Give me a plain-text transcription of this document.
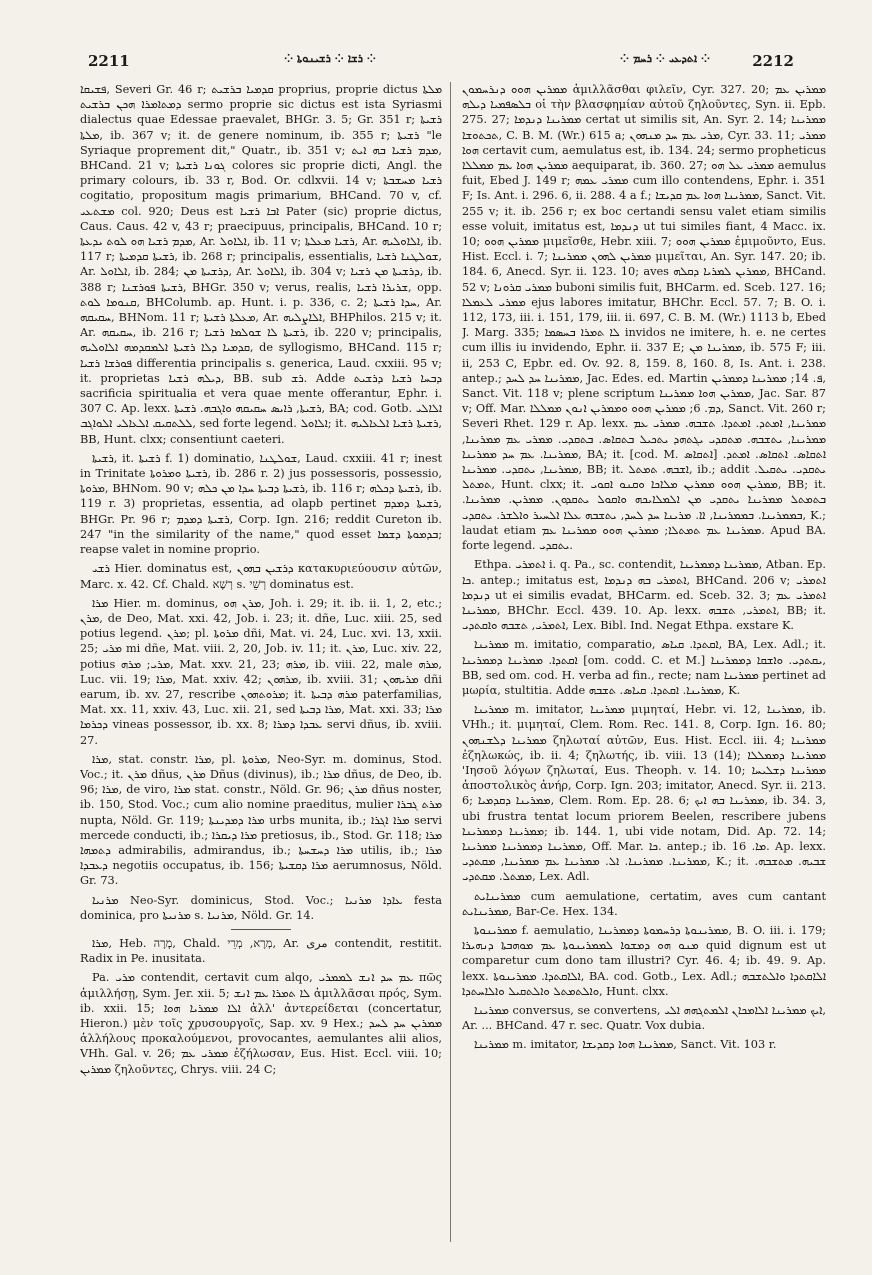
2211	⁘ ܪܫܐ ⁘ ܪܫܝܢܘܬܐ ⁘	⁘ ܐܬܕܥܝ ⁘ ܪܚܡ ⁘	2212

ܦܫܝܩܐ, Severi Gr. 46 r; ܩܕܡܝܐ ܒܪܫܝܬ proprius, proprie dictus ܡܠܬܐ ܕܡܬܐܡܪܐ ܗܟܢ ܒܪܫܝܬ sermo proprie sic dictus est ista Syriasmi dialectus quae Edessae praevalet, BHGr. 3. 5; Gr. 351 r; ܪܫܝܬܐ ܡܠܬܐ, ib. 367 v; it. de genere nominum, ib. 355 r; ܪܫܝܬܐ "le Syriaque proprement dit," Quatr., ib. 351 v; ܡܕܡ ܪܫܝܐ ܒܗ ܐܝܬ, BHCand. 21 v; ܓܘܢܐ ܪܫܝܬܐ colores sic proprie dicti, Angl. the primary colours, ib. 33 r, Bod. Or. cdlxvii. 14 v; ܪܫܝܐ ܡܚܫܒܬܐ cogitatio, propositum magis primarium, BHCand. 70 v, cf. ܡܫܬܥܝ col. 920; Deus est ܐܒܐ ܪܫܝܐ Pater (sic) proprie dictus, Caus. Caus. 42 v, 43 r; praecipuus, principalis, BHCand. 10 r; ܡܕܡ ܪܫܝܐ ܗܘ ܠܘܬ ܝܕܥܬܐ, Ar. ܐܠܐܘܠ, ib. 11 v; ܪܫܝܐ ܡܥܠܬܐ, Ar. ܐܠܐܘܠܝܗ, ib. 117 r; ܪܫܝܬܐ ܩܕܡܝܬܐ, ib. 268 r; principalis, essentialis, ܫܘܠܛܢܐ ܪܫܝܐ, Ar. ܐܠܐܘܠ, ib. 284; ܕܪܫܝܬܐ ܡܢ, Ar. ܐܠܐܘܠ, ib. 304 v; ܕܪܫܝܬܐ ܡܢ ܪܫܝܐ, ib. 388 r; ܪܫܝܬܐ ܦܘܪܫܢܐ, BHGr. 350 v; verus, realis, ܫܪܝܪܐ ܪܫܝܐ, opp. ܩܢܘܡܐ ܠܘܬ, BHColumb. ap. Hunt. i. p. 336, c. 2; ܚܕܐ ܪܫܝܬܐ, Ar. ܚܩܝܩܗ, BHNom. 11 r; ܡܥܠܬܐ ܪܫܝܬܐ, Ar. ܐܠܐܨܠܝܗ, BHPhilos. 215 v; it. Ar. ܚܩܝܩܗ, ib. 216 r; ܪܫܝܬܐ ܠܐ ܫܘܠܡܐ ܪܫܝܐ, ib. 220 v; principalis, ܩܕܡܝܐ ܕܠܐ ܪܫܝܬܐ ܐܠܡܩܕܡܗ ܐܠܐܘܠܝܗ, de syllogismo, BHCand. 115 r; ܦܘܪܫܐ ܪܫܝܐ differentia principalis s. generica, Laud. cxxiii. 95 v; it. proprietas ܕܝܠܗ ܪܫܝܐ, BB. sub ܪܫ. Adde ܕܒܚܐ ܪܫܝܐ ܕܪܫܝܬ sacrificia spiritualia et vera quae mente offerantur, Ephr. i. 307 C. Ap. lexx. ܪܫܝܬܐ, ܪܐܝܣ ܚܩܝܩܗ ܘܐܓܒܗ. ܪܫܝܬܐ, BA; cod. Gotb. ܐܠܐܠܝ ܠܠܬܩܝܩ ܐܠܥܐܠܝ ܐܠܘܐܓܒ, sed forte legend. ܐܠܐܘܠ; it. ܪܫܝܬܐ ܪܫܝܐ ܐܠܥܐܠܝܗ, BB, Hunt. clxx; consentiunt caeteri.

ܪܫܝܬܐ, it. ܪܫܝܬܐ f. 1) dominatio, ܫܘܠܛܢܐ, Laud. cxxiii. 41 r; inest in Trinitate ܪܫܝܬܐ ܘܡܪܘܬܐ, ib. 286 r. 2) jus possessoris, possessio, ܡܪܘܬܐ, BHNom. 90 v; ܪܫܝܬܐ ܕܒܝܬܐ ܚܕܐ ܡܢ ܟܠܗ, ib. 116 r; ܪܫܝܬܐ ܕܟܠܗ, ib. 119 r. 3) proprietas, essentia, ad olapb pertinet ܪܫܝܬܐ ܕܡܕܡ, BHGr. Pr. 96 r; ܪܫܝܬܐ ܕܡܕܡ, Corp. Ign. 216; reddit Cureton ib. 247 "in the similarity of the name," quod esset ܒܕܡܘܬܐ ܕܫܡܐ; reapse valet in nomine proprio.

ܪܫܝ Hier. dominatus est, ܕܪܫܝܢ ܒܗܘܢ κατακυριεύουσιν αὐτῶν, Marc. x. 42. Cf. Chald. רְשָׁא s. רְשֵׁי dominatus est.

ܡܪܐ Hier. m. dominus, ܡܪܢ ܗܘ, Joh. i. 29; it. ib. ii. 1, 2, etc.; ܡܪܢ, de Deo, Mat. xxi. 42, Job. i. 23; it. dñe, Luc. xiii. 25, sed potius legend. ܡܪܢ; pl. ܡܪܘܬܐ dñi, Mat. vi. 24, Luc. xvi. 13, xxii. 25; ܡܪܝ mi dñe, Mat. viii. 2, 20, Job. iv. 11; it. ܡܪܢ, Luc. xiv. 22, potius ܡܪܝ; ܡܪܗ, Mat. xxv. 21, 23; ܡܪܗ, ib. viii. 22, male ܡܪܗ, Luc. vii. 19; ܡܪܐ, Mat. xxiv. 42; ܡܪܗܘܢ, ib. xviii. 31; ܡܪܝܗܘܢ dñi earum, ib. xv. 27, rescribe ܡܪܘܬܗܘܢ; it. ܡܪܗ ܕܒܝܬܐ paterfamilias, Mat. xx. 11, xxiv. 43, Luc. xii. 21, sed ܡܪܐ ܕܒܝܬܐ, Mat. xxi. 33; ܡܪܐ ܕܟܪܡܐ vineas possessor, ib. xx. 8; ܥܒܕܐ ܕܡܪܐ servi dñus, ib. xviii. 27.

ܡܪܐ, stat. constr. ܡܪܐ, pl. ܡܪܘܬܐ, Neo-Syr. m. dominus, Stod. Voc.; it. ܡܪܢ dñus, ܡܪܢ Dñus (divinus), ib.; ܡܪܐ dñus, de Deo, ib. 96; ܡܪܐ, de viro, ܡܪܐ stat. constr., Nöld. Gr. 96; ܡܪܢ dñus noster, ib. 150, Stod. Voc.; cum alio nomine praeditus, mulier ܡܪܬ ܓܒܪܐ nupta, Nöld. Gr. 119; ܡܪܐ ܕܡܕܝܢܬܐ urbs munita, ib.; ܡܪܐ ܐܓܪܐ servi mercede conducti, ib.; ܡܪܐ ܕܝܩܪܐ pretiosus, ib., Stod. Gr. 118; ܡܪܐ ܕܬܡܗܐ admirabilis, admirandus, ib.; ܡܪܐ ܕܚܫܚܬܐ utilis, ib.; ܡܪܐ ܕܥܒܕܐ negotiis occupatus, ib. 156; ܡܪܐ ܕܩܫܝܬܐ aerumnosus, Nöld. Gr. 73.

ܡܪܢܝܐ Neo-Syr. dominicus, Stod. Voc.; ܥܐܕܐ ܡܪܢܝܐ festa dominica, pro ܡܪܢܝܬܐ s. ܡܪܢܝܐ, Nöld. Gr. 14.

ܡܪܐ, Heb. מָרָה, Chald. מְרָא, מְרֵי, Ar. مرى contendit, restitit. Radix in Pe. inusitata.

Pa. ܡܪܝ contendit, certavit cum alqo, ܥܡ ܚܕ ܐܢܫ ܠܡܡܪܝ πῶς ἁμιλλήσῃ, Sym. Jer. xii. 5; ܠܐ ܬܡܪܐ ܥܡ ܐܢܫ ἁμιλλᾶσαι πρός, Sym. ib. xxii. 15; ܐܠܐ ܡܡܪܝܐ ܗܘܐ ἀλλ' ἀντερείδεται (concertatur, Hieron.) μὲν τοῖς χρυσουργοῖς, Sap. xv. 9 Hex.; ܡܡܪܝܢ ܚܕ ܠܚܕ ἀλλήλους προκαλούμενοι, provocantes, aemulantes alii alios, VHh. Gal. v. 26; ܡܡܪܝ ܥܡ ἐζήλωσαν, Eus. Hist. Eccl. viii. 10; ܡܡܪܝܢ ζηλοῦντες, Chrys. viii. 24 C;

ܡܡܪܝܢ ܗܘܘ ܕܢܪܚܡܘܢ ἁμιλλᾶσθαι φιλεῖν, Cyr. 327. 20; ܡܡܪܝܢ ܥܡ ܒܠܣܦܡܝܐ ܕܝܠܗ οἱ τὴν βλασφημίαν αὐτοῦ ζηλοῦντες, Syn. ii. Epb. 275. 27; ܡܡܪܝܢܐ ܕܢܕܡܐ certat ut similis sit, An. Syr. 2. 14; ܡܡܪܝܢܐ ܬܟܬܘܫܐ, C. B. M. (Wr.) 615 a; ܡܪܝ ܥܡ ܚܕ ܡܢܗܘܢ, Cyr. 33. 11; ܡܡܪܝ ܗܘܐ certavit cum, aemulatus est, ib. 134. 24; sermo propheticus ܡܡܪܝܢ ܗܘܐ ܥܡ ܡܡܠܠܐ aequiparat, ib. 360. 27; ܡܡܪܝ ܥܠ ܗܘ aemulus fuit, Ebed J. 149 r; ܡܡܪܝ ܥܡܗ cum illo contendens, Ephr. i. 351 F; Is. Ant. i. 296. 6, ii. 288. 4 a f.; ܡܡܪܝܢܐ ܗܘܐ ܥܡ ܩܕܝܫܐ, Sanct. Vit. 255 v; it. ib. 256 r; ex boc certandi sensu valet etiam similis esse voluit, imitatus est, ܕܢܕܡܐ ut tui similes fiant, 4 Macc. ix. 10; ܡܡܪܝܢ ܗܘܘ μιμεῖσθε, Hebr. xiii. 7; ܡܡܪܝܢ ܗܘܘ ἐμιμοῦντο, Eus. Hist. Eccl. i. 7; ܡܡܪܝܢ ܠܗܘܢ ܡܡܪܝܢܐ μιμεῖται, An. Syr. 147. 20; ib. 184. 6, Anecd. Syr. ii. 123. 10; aves ܡܡܪܝܢ ܠܡܪܝܐ ܕܩܠܗ, BHCand. 52 v; ܡܡܪܝ ܩܪܘܢܐ buboni similis fuit, BHCarm. ed. Sceb. 127. 16; ܡܡܪܝ ܠܥܡܠܐ ejus labores imitatur, BHChr. Eccl. 57. 7; B. O. i. 112, 173, iii. i. 151, 179, iii. ii. 697, C. B. M. (Wr.) 1113 b, Ebed J. Marg. 335; ܠܐ ܬܡܪܐ ܒܚܣܡܐ invidos ne imitere, h. e. ne certes cum illis iu invidendo, Ephr. ii. 337 E; ܡܡܪܝܢܐ ܡܢ, ib. 575 F; iii. ii, 253 C, Epbr. ed. Ov. 92. 8, 159. 8, 160. 8, Is. Ant. i. 238. antep.; ܡܡܪܝܢܐ ܚܕ ܠܚܕ, Jac. Edes. ed. Martin ܦ. 14; ܡܡܪܝܢܐ ܕܡܡܪܝܢ, Sanct. Vit. 118 v; plene scriptum ܡܡܪܝܢ ܗܘܐ ܡܡܪܝܢܐ, Jac. Sar. 87 v; Off. Mar. ܕܡ. 6; ܡܡܪܝܢ ܗܘܘ ܘܡܡܪܝܢ ܐܢܘܢ ܡܡܠܠܐ, Sanct. Vit. 260 r; Severi Rhet. 129 r. Ap. lexx. ܡܡܪܝܢܐ, ܐܡܬܕ. ܐܡܬܕܐ. ܬܫܒܗ. ܡܡܪܝ ܥܡ ܡܡܪܝܢܐ, ܝܬܫܒܗ. ܡܬܩܕܝ ܝܓܬܗܕ ܝܬܟܝܠ ܒܬܩܐܣ. ܒܬܩܕܝ. ܡܡܪܝ ܥܡ ܡܡܪܝܢܐ, ܡܡܪܝܢܐ. ܥܡ ܚܕ ܡܡܪܝܢܐ, BA; it. [cod. M. ܐܬܩܐܣ] ܐܬܩܐܣ. ܐܬܩܐܣ. ܐܡܬܕ. ܡܡܪܝܢܐ, ܝܬܩܕܝ. ܡܡܪܝܢܐ, BB; it. ܐܫܒܗ. ܬܡܬܠ, ib.; addit ܝܬܩܕܝ. ܝܬܩܝܠ. ܬܡܬܠ, Hunt. clxx; it. ܡܡܪܝܢ ܗܘܘ ܡܡܪܝܢ ܡܠܐܟܐ ܘܩܢܘ ܐܩܘܝ, BB; it. ܒܬܡܬܠ ܡܡܪܝܢܐ ܝܬܩܕܝ ܡܢ ܐܠܡܠܐܝܟܗ ܘܐܩܘܠ ܝܬܩܕܘܢ. ܡܡܪܝܢ. ܡܡܪܝܢܐ. ܒܡܡܪܝܢܐ. ܒܡܡܪܝܢܐ, ܐܐ. ܡܪܝܢܐ ܚܕ ܠܚܕ, ܝܬܫܒܗ ܥܠܐ ܐܠܚܝܪ ܘܐܠܫܪ. ܝܬܩܕܝ, K.; laudat etiam ܡܡܪܝܢܐ ܥܡ ܬܡܬܠܐ; ܡܡܪܝܢ ܗܘܘ ܡܡܪܝܢܐ ܥܡ. Apud BA. forte legend. ܝܬܩܕܝ.

Ethpa. ܐܬܡܪܝ i. q. Pa., sc. contendit, ܡܡܪܝܢܐ ܕܡܡܪܝܢܐ, Atban. Ep. ܟܐ. antep.; imitatus est, ܐܬܡܪܝ ܒܗ ܕܢܕܡܐ, BHCand. 206 v; ܐܬܡܪܝ ܕܢܕܡܐ ut ei similis evadat, BHCarm. ed. Sceb. 32. 3; ܐܬܡܪܝ ܥܡ ܡܡܪܝܢܐ, BHChr. Eccl. 439. 10. Ap. lexx. ܐܬܡܪܝ, ܬܫܒܗ, BB; it. ܐܬܡܪܝ, ܬܫܒܗ ܘܐܩܬܕܝ, Lex. Bibl. Ind. Negat Ethpa. exstare K.

ܡܡܪܝܢܐ m. imitatio, comparatio, ܐܩܬܕܐ. ܩܝܐܣ, BA, Lex. Adl.; it. ܐܩܬܕܐ. ܡܡܪܝܢܐ ܕܡܡܪܝܢܐ [om. codd. C. et M.] ܝܩܬܕܝ. ܘܐܫܩܐ ܕܡܡܪܝܢܐ, BB, sed om. cod. H. verba ad fin., recte; nam ܡܡܪܝܢܐ pertinet ad μωρία, stultitia. Adde ܡܡܪܝܢܐ. ܐܩܬܕܐ. ܩܝܐܣ. ܬܫܒܗ, K.

ܡܡܪܝܢܐ m. imitator, ܡܡܪܝܢܐ μιμηταί, Hebr. vi. 12, ܡܡܪܝܢܐ, ib. VHh.; it. μιμηταί, Clem. Rom. Rec. 141. 8, Corp. Ign. 16. 80; ܡܡܪܝܢܐ ܕܠܫܢܗܘܢ ζηλωταί αὐτῶν, Eus. Hist. Eccl. iii. 4; ܡܡܪܝܢܐ ἐζηλωκώς, ib. ii. 4; ζηλωτής, ib. viii. 13 (14); ܡܡܪܝܢܐ ܕܡܡܠܠܐ 'Ιησοῦ λόγων ζηλωταί, Eus. Theoph. v. 14. 10; ܡܡܪܝܢܐ ܕܫܠܝܚܐ ἀποστολικὸς ἀνήρ, Corp. Ign. 203; imitator, Anecd. Syr. ii. 213. 6; ܡܡܪܝܢܐ ܕܩܕܡܝܐ, Clem. Rom. Ep. 28. 6; ܡܡܪܝܢܐ ܒܗ ܐܝܟ, ib. 34. 3, ubi frustra tentat locum priorem Beelen, rescribere jubens ܡܡܪܝܢܐ ܕܡܡܪܝܢܐ; ib. 144. 1, ubi vide notam, Did. Ap. 72. 14; ܡܡܪܝܢܐ ܕܡܡܪܝܢܐ ܡܡܪܝܢܐ, Off. Mar. ܟܐ. antep.; ib. ܡܐ. 16. Ap. lexx. ܡܡܪܝܢܐ. ܡܡܪܝܢܐ. ܐܠ. ܡܡܪܝܢܐ ܥܡ ܡܡܪܝܢܐ, ܡܩܬܕܝ, K.; it. ܫܒܝܗ. ܡܬܫܒܗ. ܡܡܬܠ. ܡܩܬܕܝ, Lex. Adl.

ܡܡܪܝܢܐܝܬ cum aemulatione, certatim, aves cum cantant ܡܡܪܝܢܐܝܬ, Bar-Ce. Hex. 134.

ܡܡܪܝܢܘܬܐ f. aemulatio, ܡܡܪܝܢܘܬܐ ܕܪܚܡܘܬܐ ܕܡܡܪܝܢܐ, B. O. iii. i. 179; ܡܢܘ ܗܘ ܕܡܫܘܐ ܠܡܡܪܝܢܘܬܐ ܥܡ ܡܘܗܒܬܐ ܕܢܗܝܪܐ quid dignum est ut comparetur cum dono tam illustri? Cyr. 46. 4; ib. 49. 9. Ap. lexx. ܐܠܐܩܬܕܐ. ܡܡܪܝܢܘܬܐ, BA. cod. Gotb., Lex. Adl.; ܐܠܐܩܬܕܐ ܘܐܠܬܫܒܗ ܘܐܠܬܡܬܠ ܘܐܠܬܩܝܠ ܘܐܠܐܚܬܕܐ, Hunt. clxx.

ܡܡܪܝܢܐ conversus, se convertens, ܐܝܟ ܡܡܪܝܢܐ ܐܠܐܡܟܐܢ ܐܠܡܬܓܗܗ ܐܠܝ, Ar. ... BHCand. 47 r. sec. Quatr. Vox dubia.

ܡܡܪܝܢܐ m. imitator, ܡܡܪܝܢܐ ܗܘܐ ܕܩܕܝܫܐ, Sanct. Vit. 103 r.
